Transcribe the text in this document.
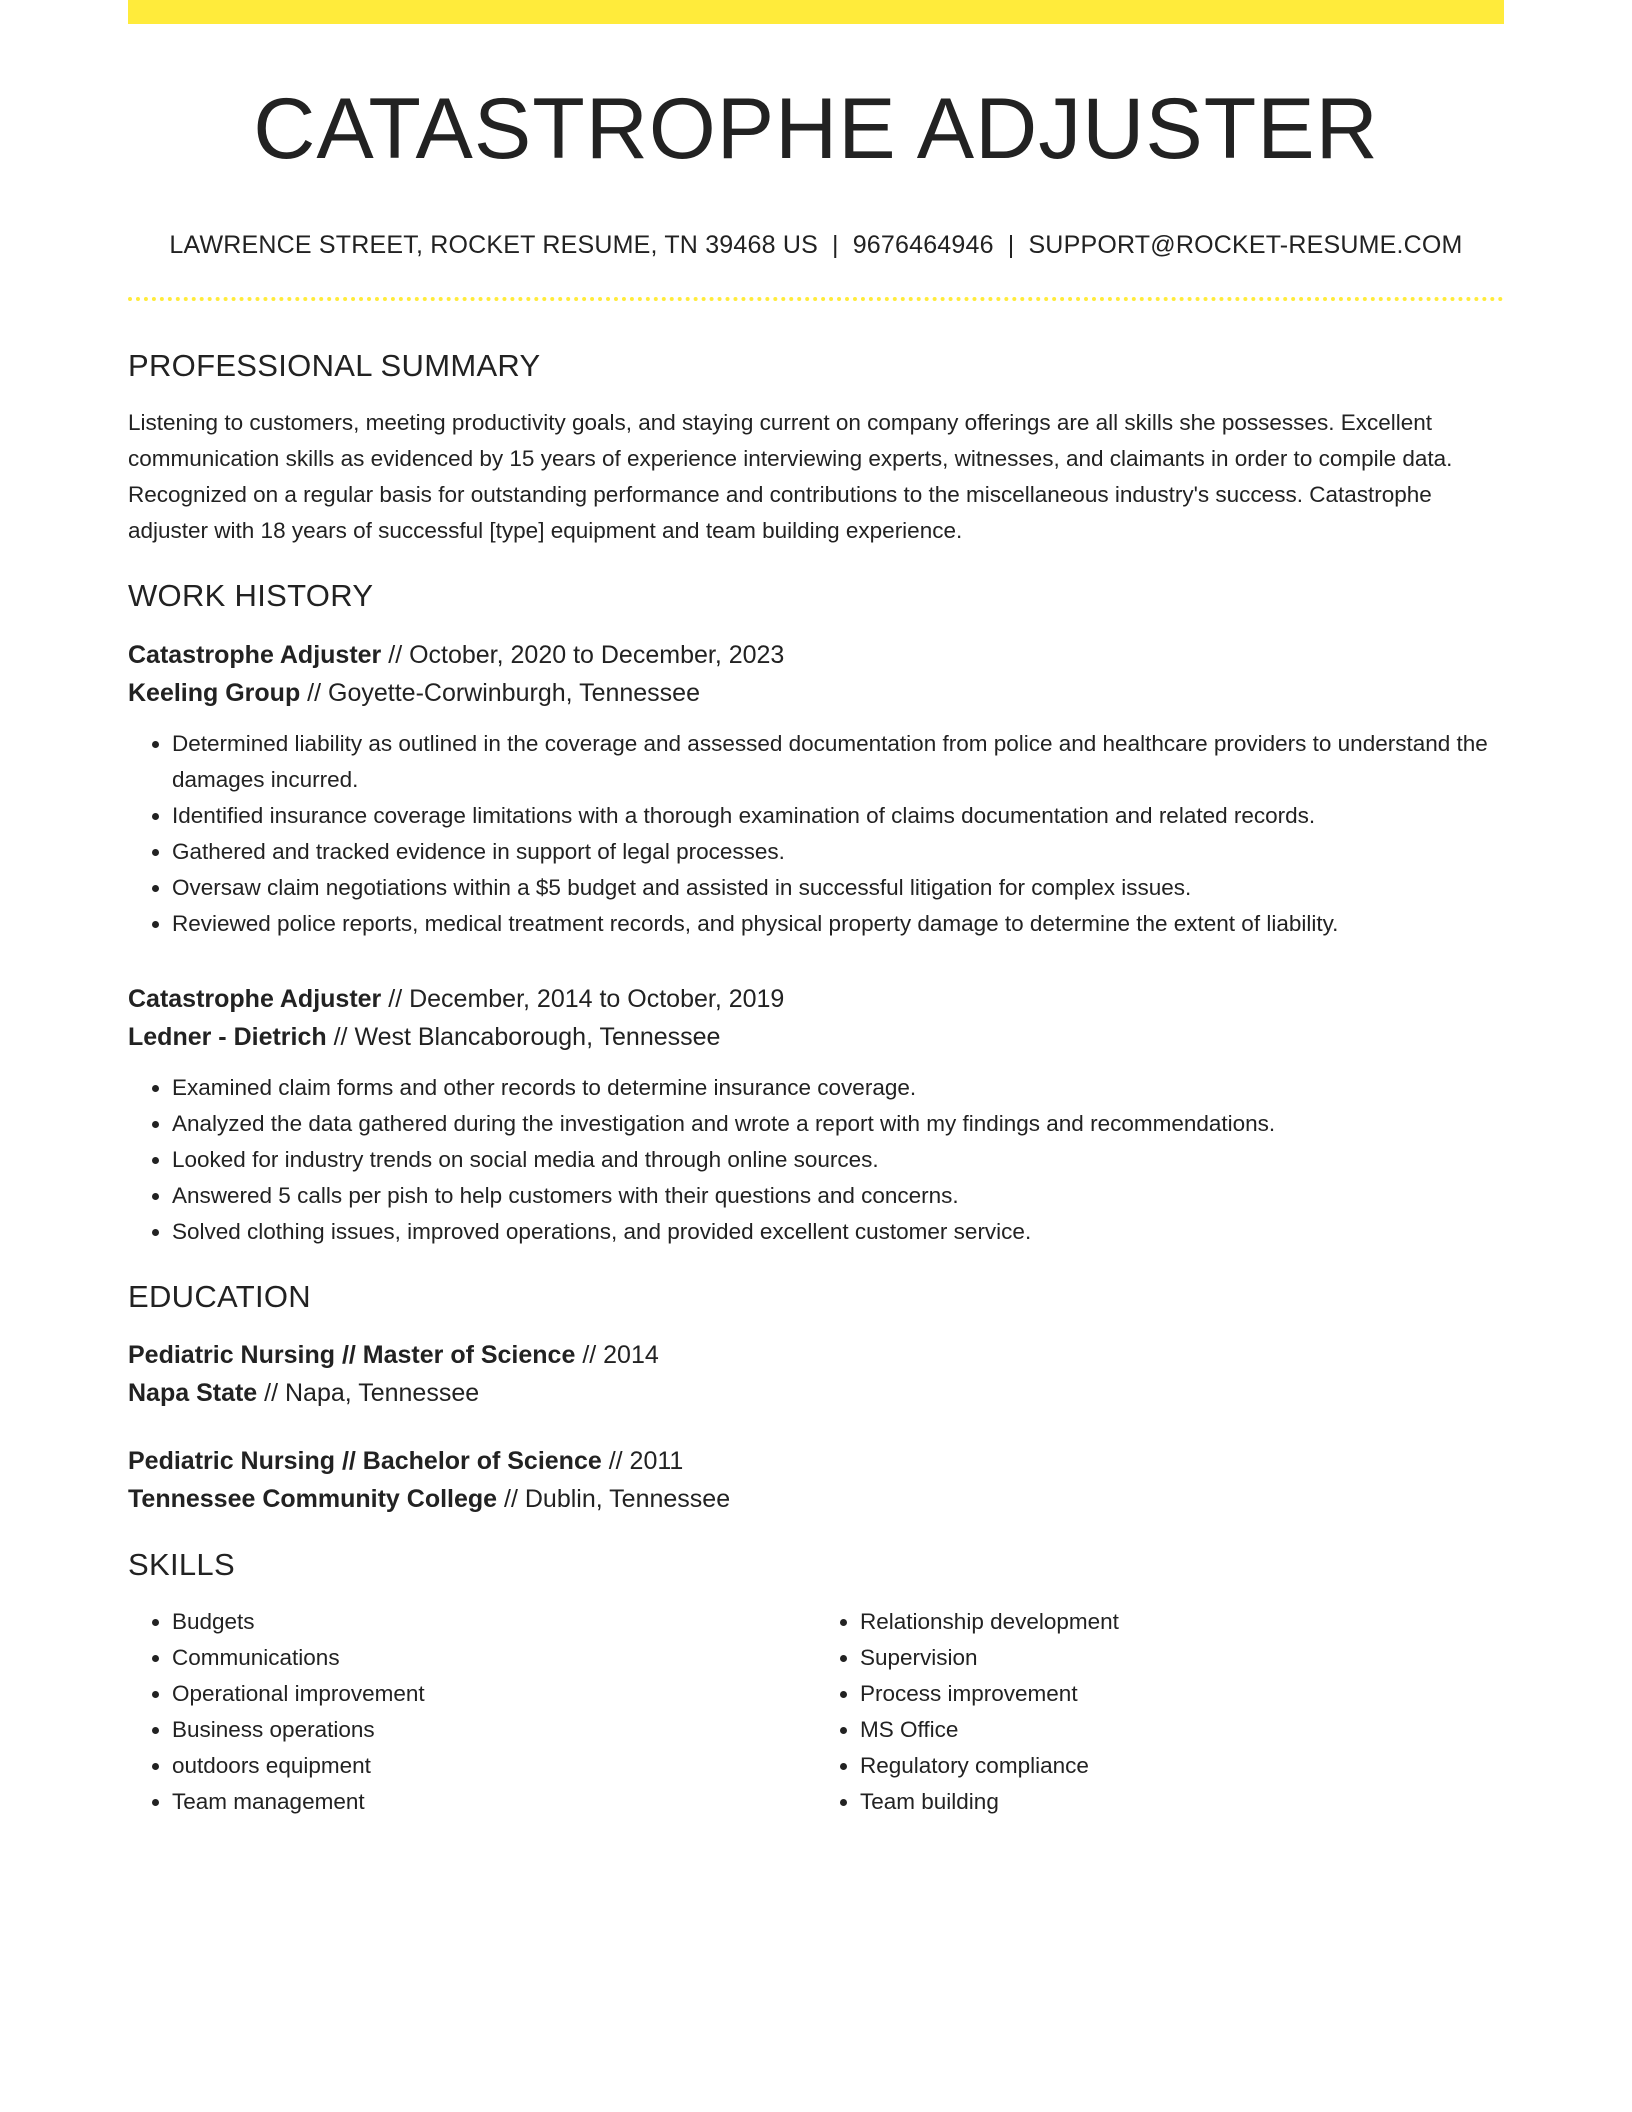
CATASTROPHE ADJUSTER
LAWRENCE STREET, ROCKET RESUME, TN 39468 US | 9676464946 | SUPPORT@ROCKET-RESUME.COM
PROFESSIONAL SUMMARY

Listening to customers, meeting productivity goals, and staying current on company offerings are all skills she possesses. Excellent communication skills as evidenced by 15 years of experience interviewing experts, witnesses, and claimants in order to compile data. Recognized on a regular basis for outstanding performance and contributions to the miscellaneous industry's success. Catastrophe adjuster with 18 years of successful [type] equipment and team building experience.

WORK HISTORY
Catastrophe Adjuster // October, 2020 to December, 2023
Keeling Group // Goyette-Corwinburgh, Tennessee
• Determined liability as outlined in the coverage and assessed documentation from police and healthcare providers to understand the damages incurred.
• Identified insurance coverage limitations with a thorough examination of claims documentation and related records.
• Gathered and tracked evidence in support of legal processes.
• Oversaw claim negotiations within a $5 budget and assisted in successful litigation for complex issues.
• Reviewed police reports, medical treatment records, and physical property damage to determine the extent of liability.
Catastrophe Adjuster // December, 2014 to October, 2019
Ledner - Dietrich // West Blancaborough, Tennessee
• Examined claim forms and other records to determine insurance coverage.
• Analyzed the data gathered during the investigation and wrote a report with my findings and recommendations.
• Looked for industry trends on social media and through online sources.
• Answered 5 calls per pish to help customers with their questions and concerns.
• Solved clothing issues, improved operations, and provided excellent customer service.
EDUCATION
Pediatric Nursing // Master of Science // 2014
Napa State // Napa, Tennessee
Pediatric Nursing // Bachelor of Science // 2011
Tennessee Community College // Dublin, Tennessee
SKILLS
• Budgets
• Communications
• Operational improvement
• Business operations
• outdoors equipment
• Team management
• Relationship development
• Supervision
• Process improvement
• MS Office
• Regulatory compliance
• Team building
